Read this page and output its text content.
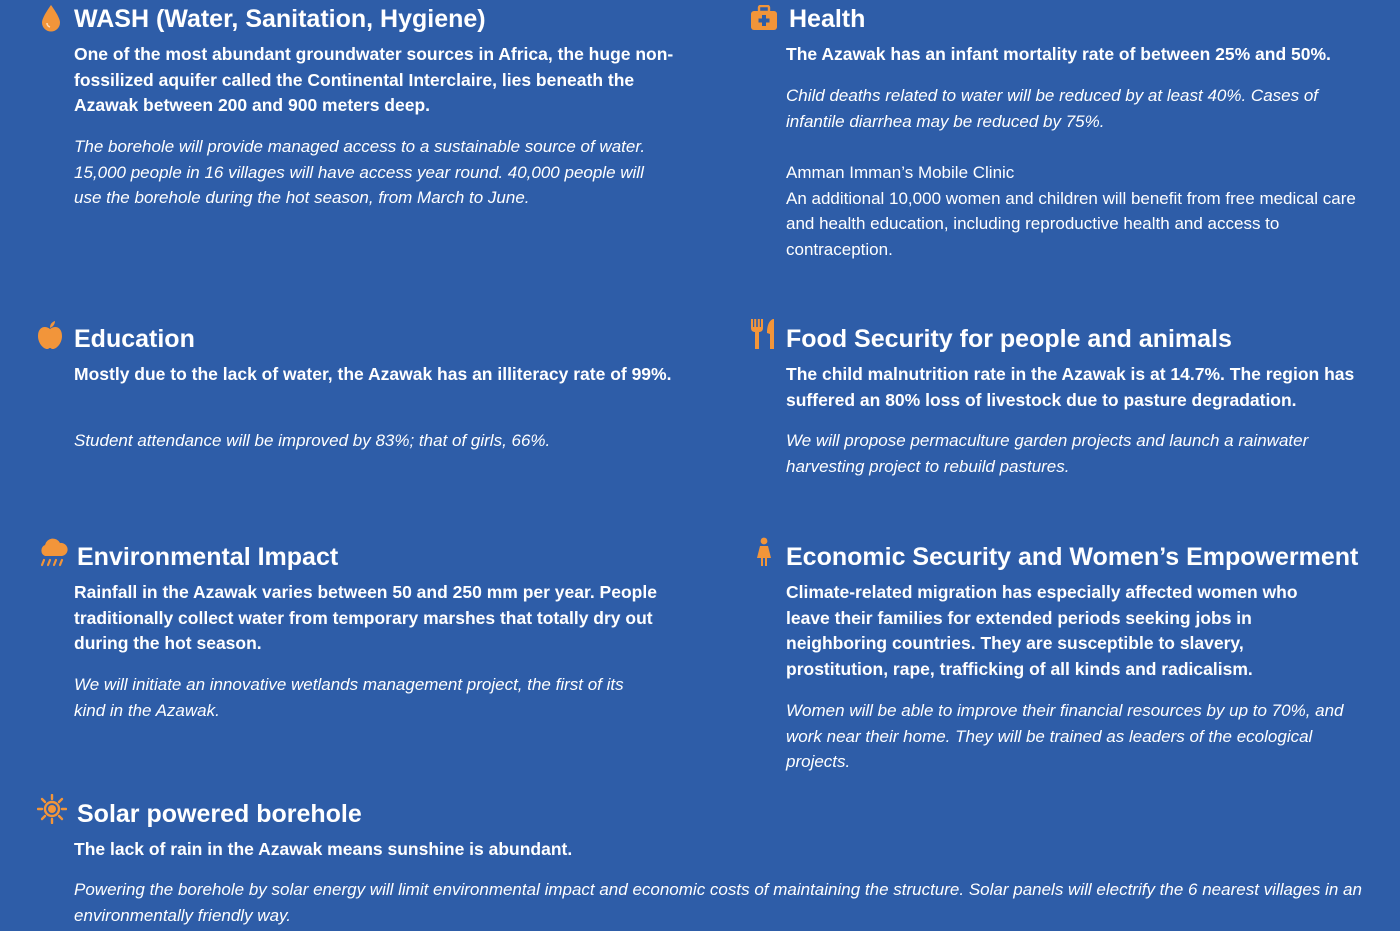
WASH (Water, Sanitation, Hygiene)

One of the most abundant groundwater sources in Africa, the huge non-fossilized aquifer called the Continental Interclaire, lies beneath the Azawak between 200 and 900 meters deep.

The borehole will provide managed access to a sustainable source of water. 15,000 people in 16 villages will have access year round. 40,000 people will use the borehole during the hot season, from March to June.

Health

The Azawak has an infant mortality rate of between 25% and 50%.

Child deaths related to water will be reduced by at least 40%. Cases of infantile diarrhea may be reduced by 75%.

Amman Imman’s Mobile Clinic

An additional 10,000 women and children will benefit from free medical care and health education, including reproductive health and access to contraception.

Education

Mostly due to the lack of water, the Azawak has an illiteracy rate of 99%.

Student attendance will be improved by 83%; that of girls, 66%.

Food Security for people and animals

The child malnutrition rate in the Azawak is at 14.7%. The region has suffered an 80% loss of livestock due to pasture degradation.

We will propose permaculture garden projects and launch a rainwater harvesting project to rebuild pastures.

Environmental Impact

Rainfall in the Azawak varies between 50 and 250 mm per year. People traditionally collect water from temporary marshes that totally dry out during the hot season.

We will initiate an innovative wetlands management project, the first of its kind in the Azawak.

Economic Security and Women’s Empowerment

Climate-related migration has especially affected women who leave their families for extended periods seeking jobs in neighboring countries. They are susceptible to slavery, prostitution, rape, trafficking of all kinds and radicalism.

Women will be able to improve their financial resources by up to 70%, and work near their home. They will be trained as leaders of the ecological projects.

Solar powered borehole

The lack of rain in the Azawak means sunshine is abundant.

Powering the borehole by solar energy will limit environmental impact and economic costs of maintaining the structure. Solar panels will electrify the 6 nearest villages in an environmentally friendly way.
